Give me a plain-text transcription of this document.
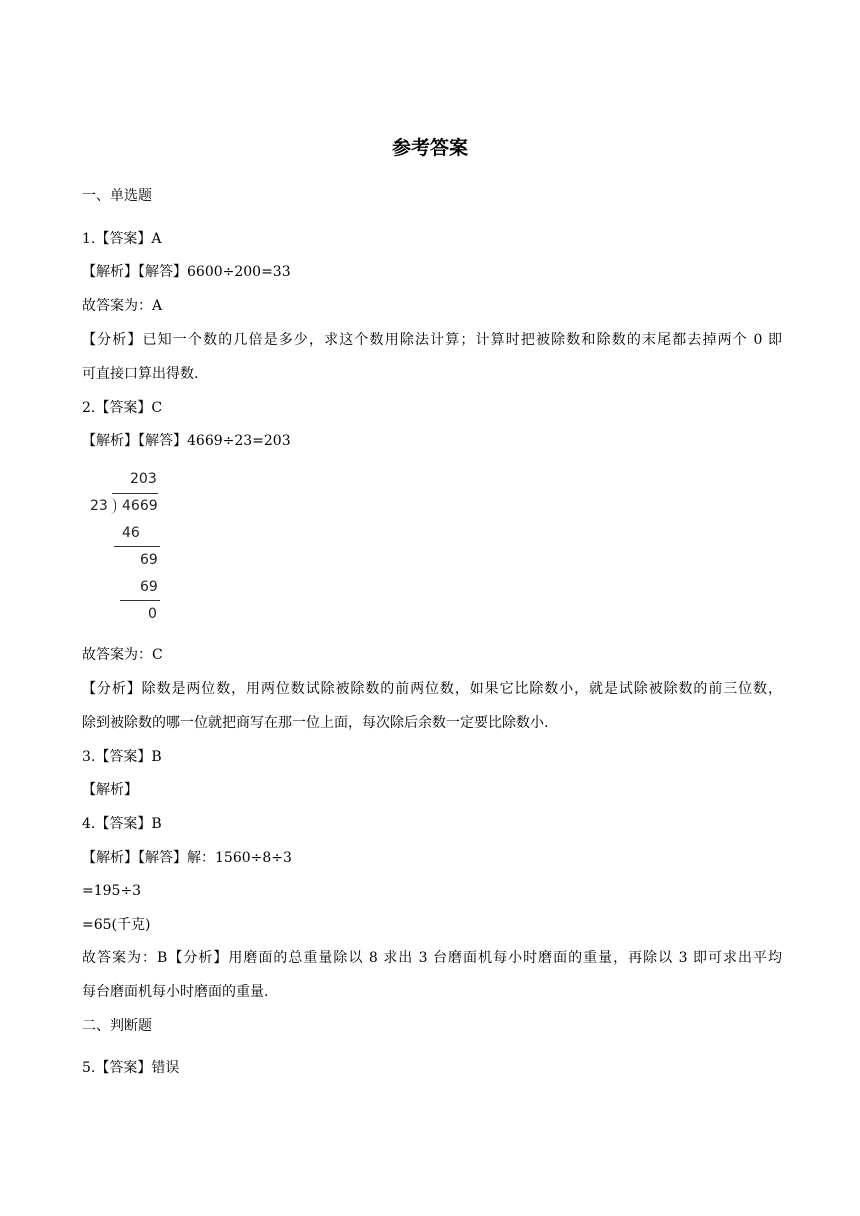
参考答案
一、单选题
1.【答案】A
【解析】【解答】6600÷200=33
故答案为：A
【分析】已知一个数的几倍是多少，求这个数用除法计算；计算时把被除数和除数的末尾都去掉两个 0 即
可直接口算出得数.
2.【答案】C
【解析】【解答】4669÷23=203
203
23 4669
46
69
69
0
故答案为：C
【分析】除数是两位数，用两位数试除被除数的前两位数，如果它比除数小，就是试除被除数的前三位数，
除到被除数的哪一位就把商写在那一位上面，每次除后余数一定要比除数小.
3.【答案】B
【解析】
4.【答案】B
【解析】【解答】解：1560÷8÷3
=195÷3
=65(千克)
故答案为：B【分析】用磨面的总重量除以 8 求出 3 台磨面机每小时磨面的重量，再除以 3 即可求出平均
每台磨面机每小时磨面的重量.
二、判断题
5.【答案】错误
